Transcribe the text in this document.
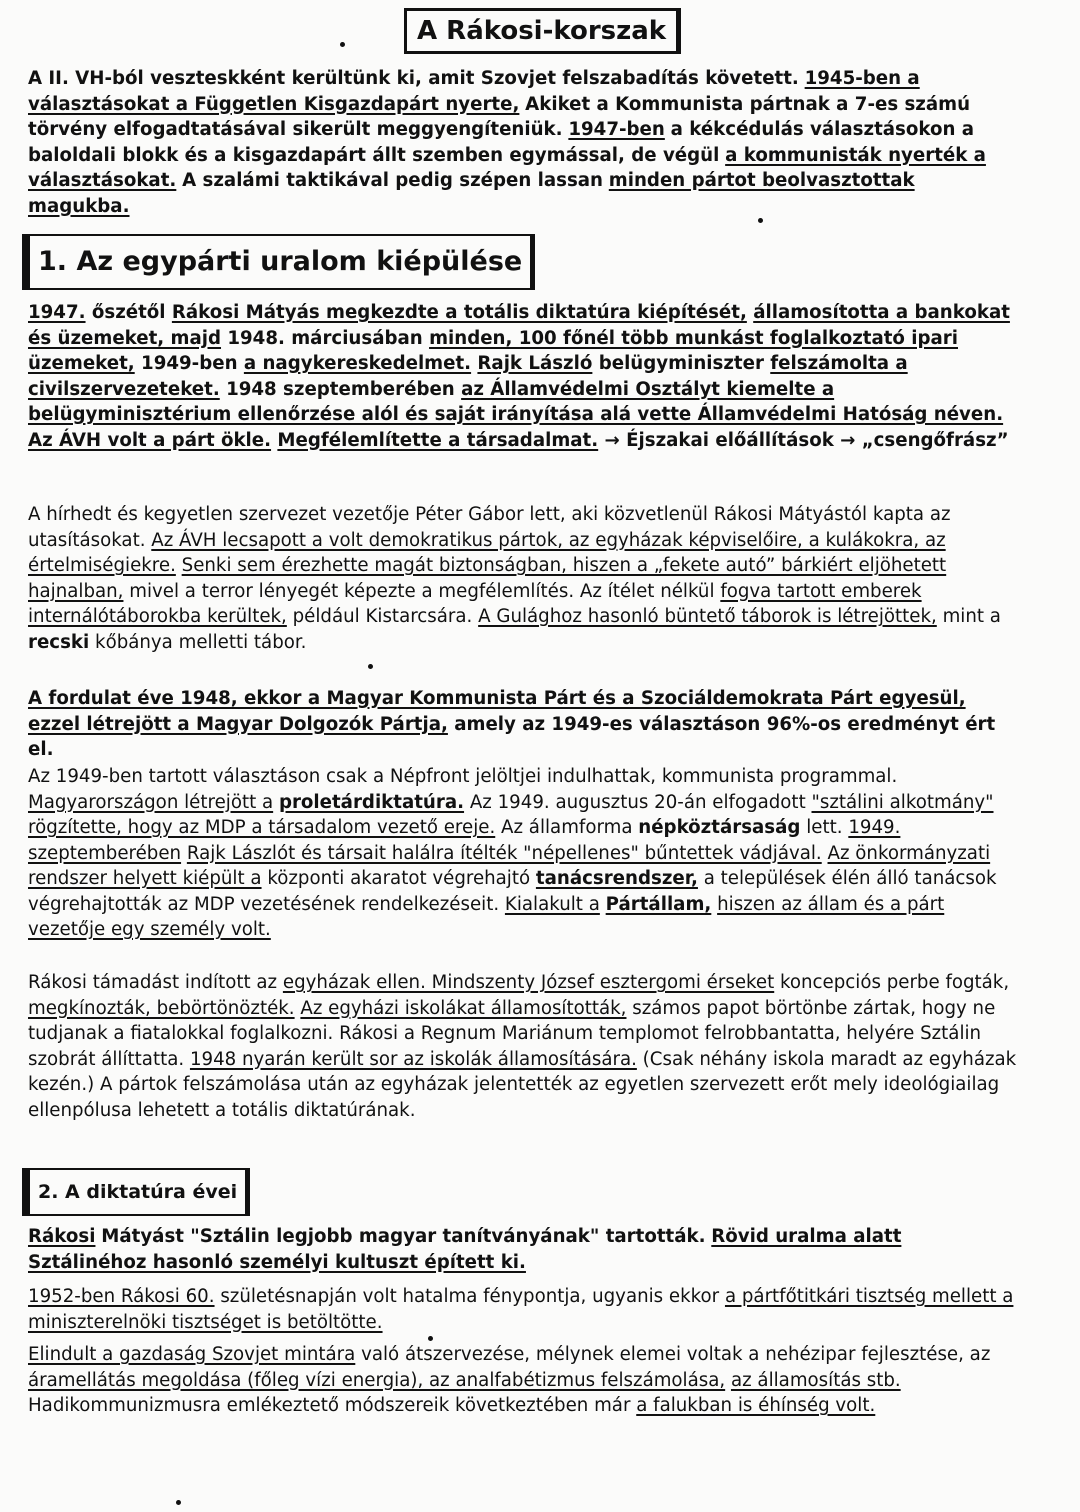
A Rákosi-korszak

A II. VH-ból veszteskként kerültünk ki, amit Szovjet felszabadítás követett. 1945-ben a választásokat a Független Kisgazdapárt nyerte, Akiket a Kommunista pártnak a 7-es számú törvény elfogadtatásával sikerült meggyengíteniük. 1947-ben a kékcédulás választásokon a baloldali blokk és a kisgazdapárt állt szemben egymással, de végül a kommunisták nyerték a választásokat. A szalámi taktikával pedig szépen lassan minden pártot beolvasztottak magukba.

1. Az egypárti uralom kiépülése

1947. őszétől Rákosi Mátyás megkezdte a totális diktatúra kiépítését, államosította a bankokat és üzemeket, majd 1948. márciusában minden, 100 főnél több munkást foglalkoztató ipari üzemeket, 1949-ben a nagykereskedelmet. Rajk László belügyminiszter felszámolta a civilszervezeteket. 1948 szeptemberében az Államvédelmi Osztályt kiemelte a belügyminisztérium ellenőrzése alól és saját irányítása alá vette Államvédelmi Hatóság néven. Az ÁVH volt a párt ökle. Megfélemlítette a társadalmat. → Éjszakai előállítások → „csengőfrász”

A hírhedt és kegyetlen szervezet vezetője Péter Gábor lett, aki közvetlenül Rákosi Mátyástól kapta az utasításokat. Az ÁVH lecsapott a volt demokratikus pártok, az egyházak képviselőire, a kulákokra, az értelmiségiekre. Senki sem érezhette magát biztonságban, hiszen a „fekete autó” bárkiért eljöhetett hajnalban, mivel a terror lényegét képezte a megfélemlítés. Az ítélet nélkül fogva tartott emberek internálótáborokba kerültek, például Kistarcsára. A Gulághoz hasonló büntető táborok is létrejöttek, mint a recski kőbánya melletti tábor.

A fordulat éve 1948, ekkor a Magyar Kommunista Párt és a Szociáldemokrata Párt egyesül, ezzel létrejött a Magyar Dolgozók Pártja, amely az 1949-es választáson 96%-os eredményt ért el.

Az 1949-ben tartott választáson csak a Népfront jelöltjei indulhattak, kommunista programmal. Magyarországon létrejött a proletárdiktatúra. Az 1949. augusztus 20-án elfogadott "sztálini alkotmány" rögzítette, hogy az MDP a társadalom vezető ereje. Az államforma népköztársaság lett. 1949. szeptemberében Rajk Lászlót és társait halálra ítélték "népellenes" bűntettek vádjával. Az önkormányzati rendszer helyett kiépült a központi akaratot végrehajtó tanácsrendszer, a települések élén álló tanácsok végrehajtották az MDP vezetésének rendelkezéseit. Kialakult a Pártállam, hiszen az állam és a párt vezetője egy személy volt.

Rákosi támadást indított az egyházak ellen. Mindszenty József esztergomi érseket koncepciós perbe fogták, megkínozták, bebörtönözték. Az egyházi iskolákat államosították, számos papot börtönbe zártak, hogy ne tudjanak a fiatalokkal foglalkozni. Rákosi a Regnum Mariánum templomot felrobbantatta, helyére Sztálin szobrát állíttatta. 1948 nyarán került sor az iskolák államosítására. (Csak néhány iskola maradt az egyházak kezén.) A pártok felszámolása után az egyházak jelentették az egyetlen szervezett erőt mely ideológiailag ellenpólusa lehetett a totális diktatúrának.

2. A diktatúra évei

Rákosi Mátyást "Sztálin legjobb magyar tanítványának" tartották. Rövid uralma alatt Sztálinéhoz hasonló személyi kultuszt épített ki.

1952-ben Rákosi 60. születésnapján volt hatalma fénypontja, ugyanis ekkor a pártfőtitkári tisztség mellett a miniszterelnöki tisztséget is betöltötte.

Elindult a gazdaság Szovjet mintára való átszervezése, mélynek elemei voltak a nehézipar fejlesztése, az áramellátás megoldása (főleg vízi energia), az analfabétizmus felszámolása, az államosítás stb. Hadikommunizmusra emlékeztető módszereik következtében már a falukban is éhínség volt.
